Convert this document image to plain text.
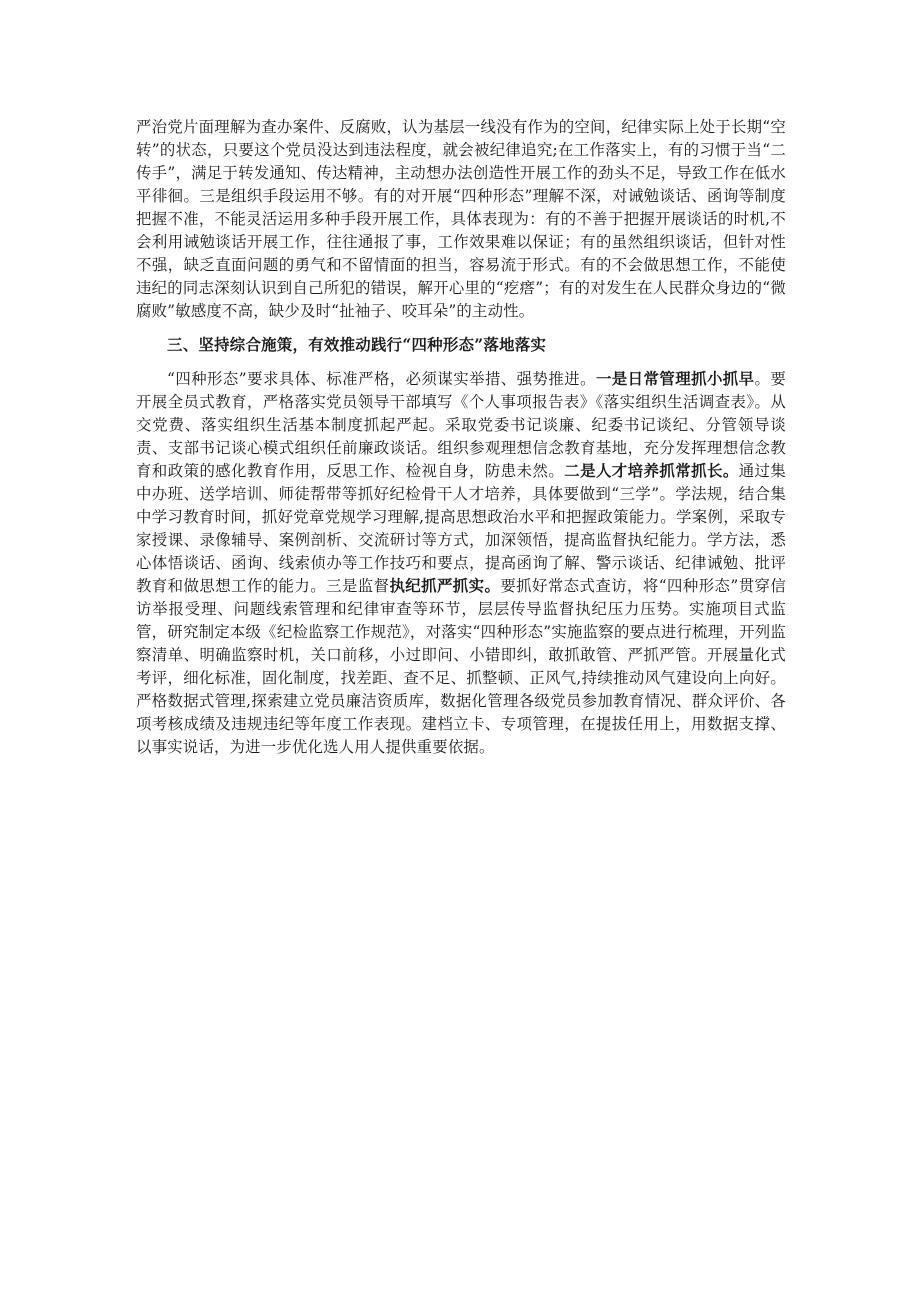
严治党片面理解为查办案件、反腐败，认为基层一线没有作为的空间，纪律实际上处于长期“空转”的状态，只要这个党员没达到违法程度，就会被纪律追究;在工作落实上，有的习惯于当“二传手”，满足于转发通知、传达精神，主动想办法创造性开展工作的劲头不足，导致工作在低水平徘徊。三是组织手段运用不够。有的对开展“四种形态”理解不深，对诫勉谈话、函询等制度把握不准，不能灵活运用多种手段开展工作，具体表现为：有的不善于把握开展谈话的时机,不会利用诫勉谈话开展工作，往往通报了事，工作效果难以保证；有的虽然组织谈话，但针对性不强，缺乏直面问题的勇气和不留情面的担当，容易流于形式。有的不会做思想工作，不能使违纪的同志深刻认识到自己所犯的错误，解开心里的“疙瘩”；有的对发生在人民群众身边的“微腐败”敏感度不高，缺少及时“扯袖子、咬耳朵”的主动性。

三、坚持综合施策，有效推动践行“四种形态”落地落实

“四种形态”要求具体、标准严格，必须谋实举措、强势推进。一是日常管理抓小抓早。要开展全员式教育，严格落实党员领导干部填写《个人事项报告表》《落实组织生活调查表》。从交党费、落实组织生活基本制度抓起严起。采取党委书记谈廉、纪委书记谈纪、分管领导谈责、支部书记谈心模式组织任前廉政谈话。组织参观理想信念教育基地，充分发挥理想信念教育和政策的感化教育作用，反思工作、检视自身，防患未然。二是人才培养抓常抓长。通过集中办班、送学培训、师徒帮带等抓好纪检骨干人才培养，具体要做到“三学”。学法规，结合集中学习教育时间，抓好党章党规学习理解,提高思想政治水平和把握政策能力。学案例，采取专家授课、录像辅导、案例剖析、交流研讨等方式，加深领悟，提高监督执纪能力。学方法，悉心体悟谈话、函询、线索侦办等工作技巧和要点，提高函询了解、警示谈话、纪律诫勉、批评教育和做思想工作的能力。三是监督执纪抓严抓实。要抓好常态式查访，将“四种形态”贯穿信访举报受理、问题线索管理和纪律审查等环节，层层传导监督执纪压力压势。实施项目式监管，研究制定本级《纪检监察工作规范》，对落实“四种形态”实施监察的要点进行梳理，开列监察清单、明确监察时机，关口前移，小过即问、小错即纠，敢抓敢管、严抓严管。开展量化式考评，细化标准，固化制度，找差距、查不足、抓整顿、正风气,持续推动风气建设向上向好。严格数据式管理,探索建立党员廉洁资质库，数据化管理各级党员参加教育情况、群众评价、各项考核成绩及违规违纪等年度工作表现。建档立卡、专项管理，在提拔任用上，用数据支撑、以事实说话，为进一步优化选人用人提供重要依据。
